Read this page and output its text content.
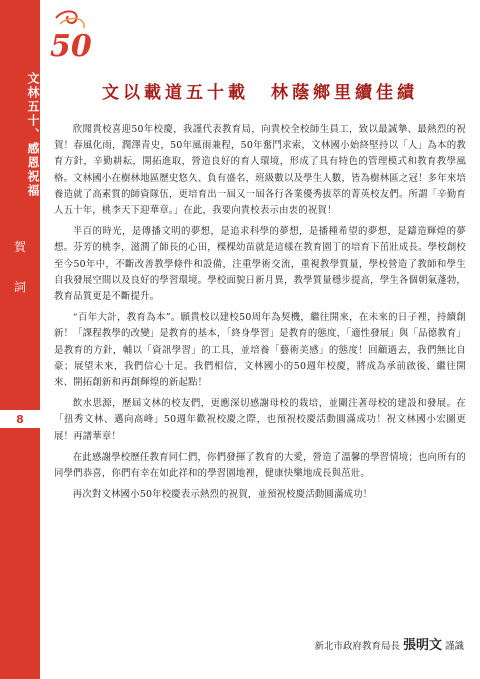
文林五十、感恩祝福
賀
詞
8
50
文以載道五十載 林蔭鄉里續佳績

欣聞貴校喜迎50年校慶，我謹代表教育局，向貴校全校師生員工，致以最誠摯、最熱烈的祝賀！春風化雨，潤澤青史，50年風雨兼程，50年奮鬥求索，文林國小始終堅持以「人」為本的教育方針，辛勤耕耘，開拓進取，營造良好的育人環境，形成了具有特色的管理模式和教育教學風格。文林國小在樹林地區歷史悠久、負有盛名，班級數以及學生人數，皆為樹林區之冠！多年來培養造就了高素質的師資隊伍，更培育出一屆又一屆各行各業優秀拔萃的菁英校友們。所謂「辛勤育人五十年，桃李天下迎華章。」在此，我要向貴校表示由衷的祝賀！

半百的時光，是傳播文明的夢想，是追求科學的夢想，是播種希望的夢想，是鑄造輝煌的夢想。芬芳的桃李，滋潤了師長的心田，棵棵幼苗就是這樣在教育園丁的培育下茁壯成長。學校創校至今50年中，不斷改善教學條件和設備，注重學術交流，重視教學質量，學校營造了教師和學生自我發展空間以及良好的學習環境。學校面貌日新月異，教學質量穩步提高，學生各個朝氣蓬勃，教育品質更是不斷提升。

“百年大計，教育為本”。願貴校以建校50周年為契機，繼往開來，在未來的日子裡，持續創新！「課程教學的改變」是教育的基本，「終身學習」是教育的態度，「適性發展」與「品德教育」是教育的方針，輔以「資訊學習」的工具，並培養「藝術美感」的態度！回顧過去，我們無比自豪；展望未來，我們信心十足。我們相信，文林國小的50週年校慶，將成為承前啟後、繼往開來、開拓創新和再創輝煌的新起點！

飲水思源，歷屆文林的校友們，更應深切感謝母校的栽培，並關注著母校的建設和發展。在「扭秀文林、邁向高峰」50週年歡祝校慶之際，也預祝校慶活動圓滿成功！祝文林國小宏圖更展！再譜華章！

在此感謝學校歷任教育同仁們，你們發揮了教育的大愛，營造了溫馨的學習情境；也向所有的同學們恭喜，你們有幸在如此祥和的學習園地裡，健康快樂地成長與茁壯。

再次對文林國小50年校慶表示熱烈的祝賀，並預祝校慶活動圓滿成功！

新北市政府教育局長 張明文 謹識
